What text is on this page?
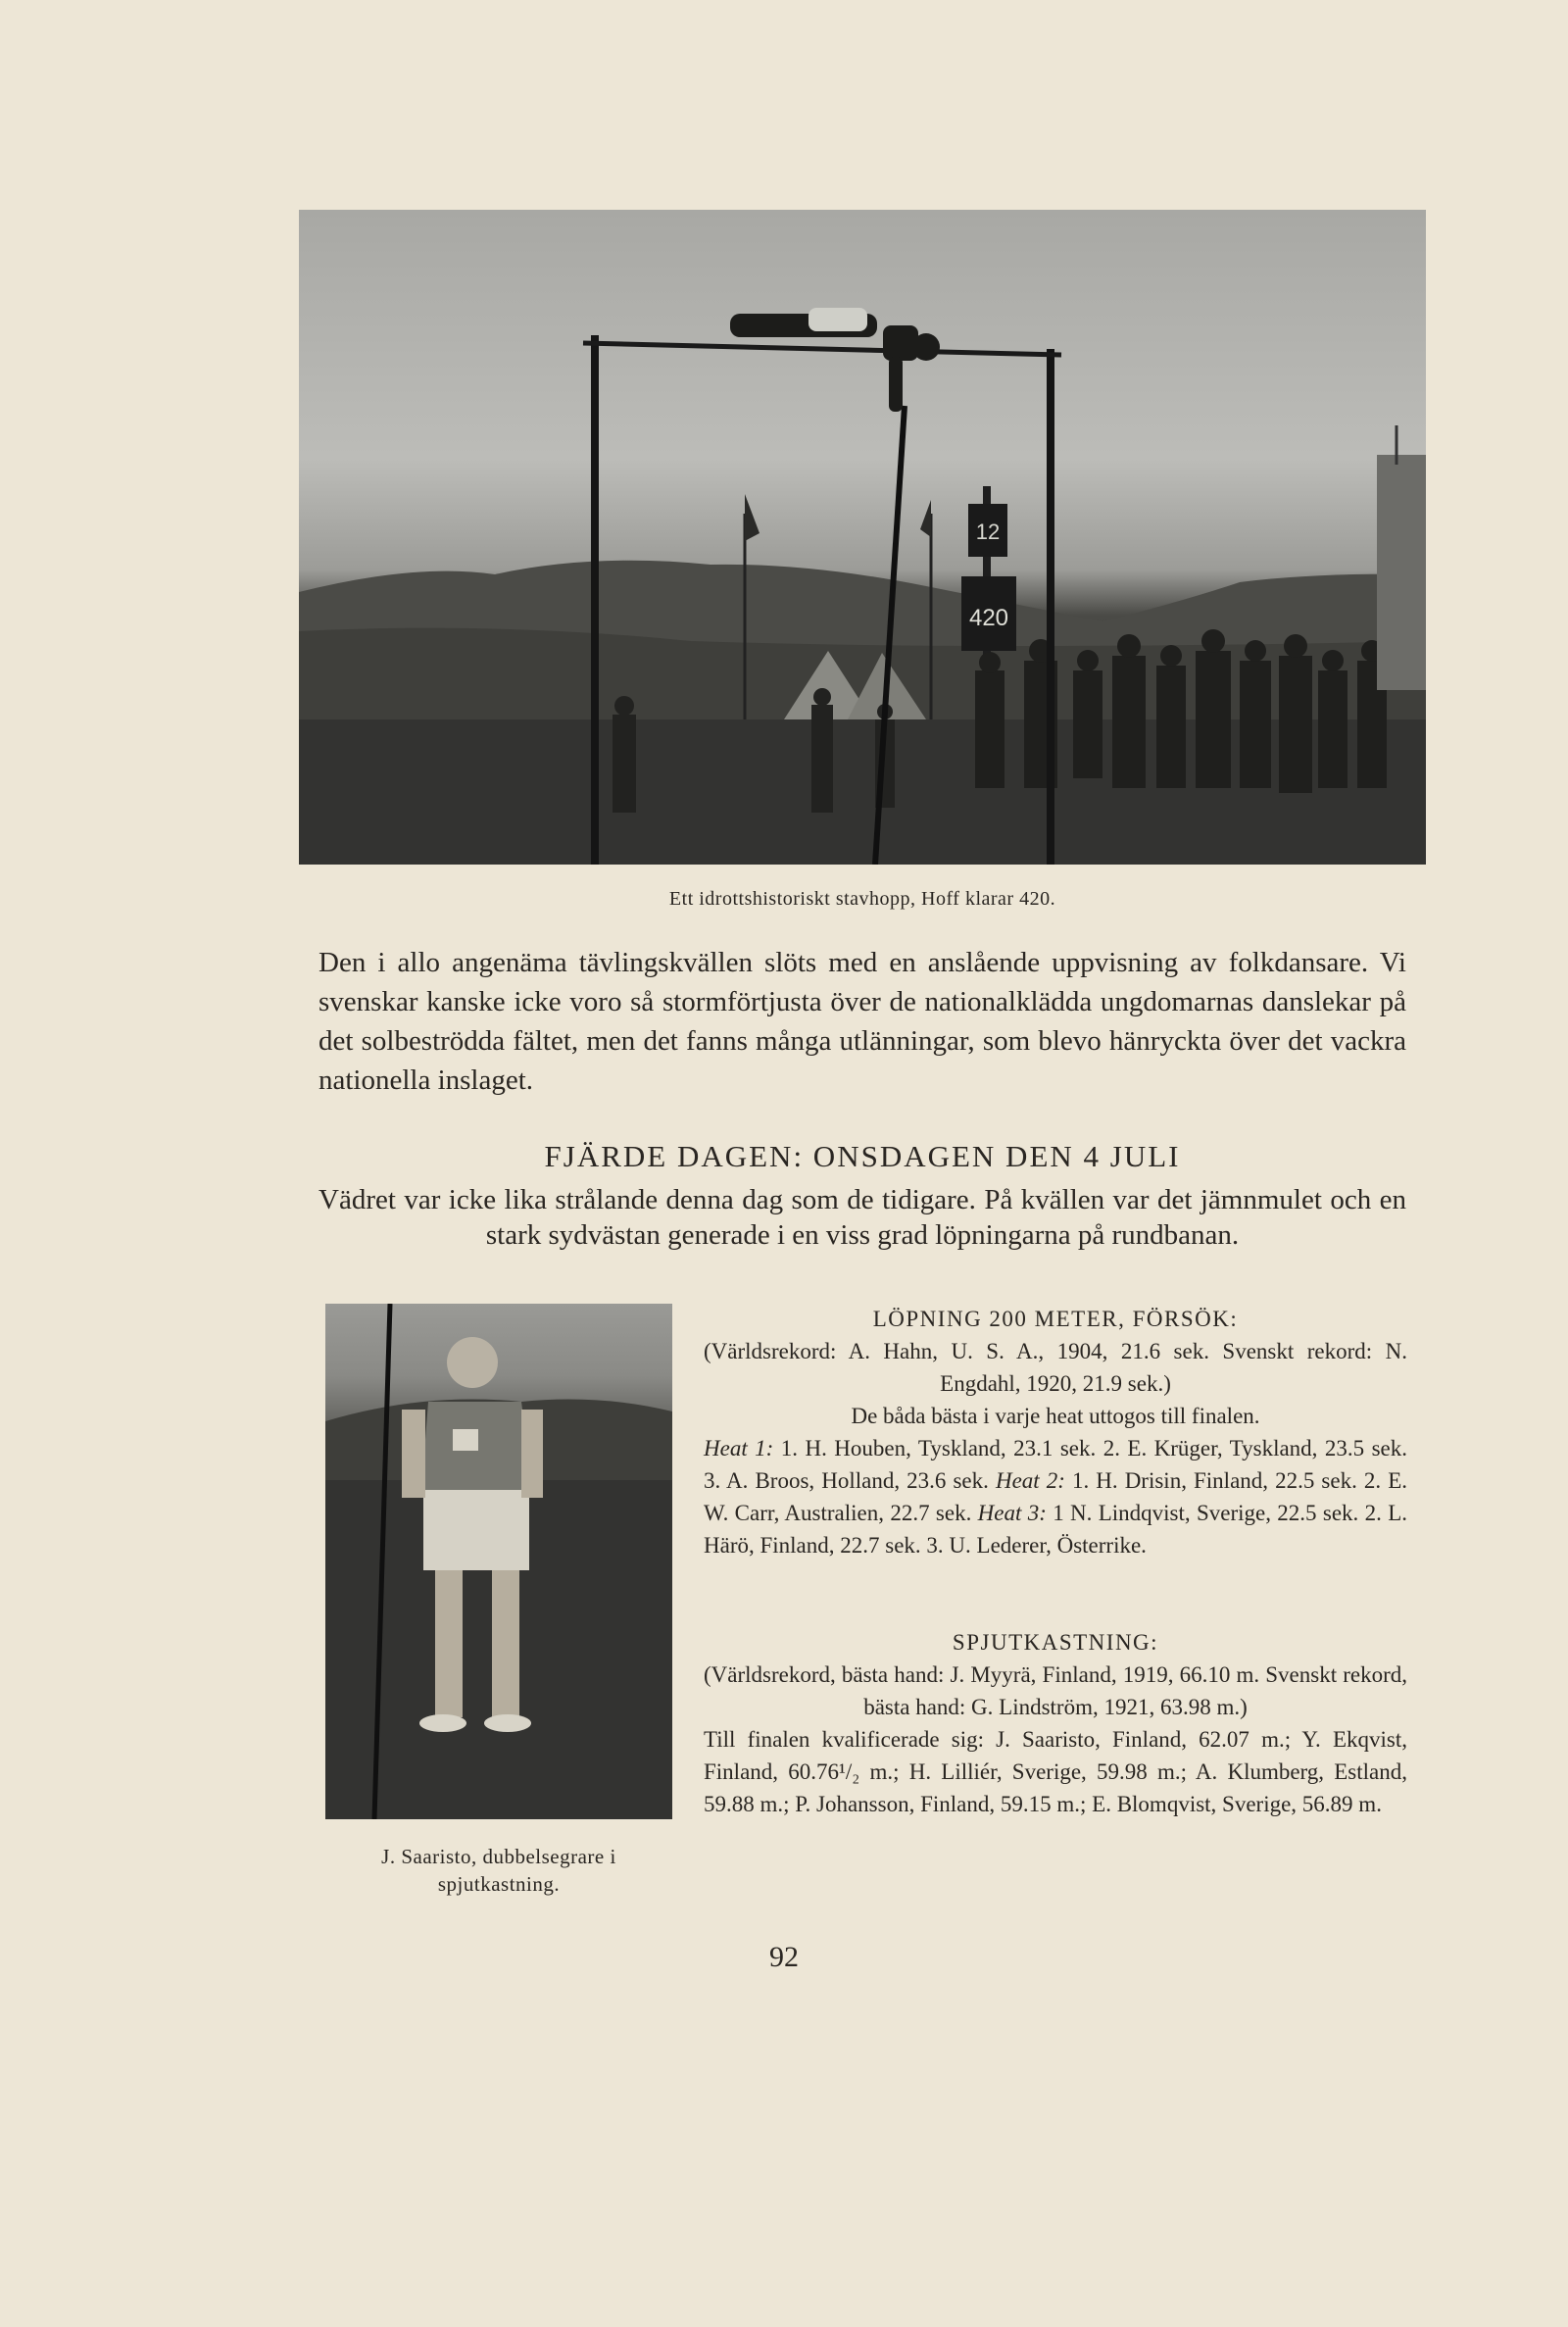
12
420
Ett idrottshistoriskt stavhopp, Hoff klarar 420.
Den i allo angenäma tävlingskvällen slöts med en anslående uppvisning av folkdansare. Vi svenskar kanske icke voro så stormförtjusta över de nationalklädda ungdomarnas danslekar på det solbeströdda fältet, men det fanns många utlänningar, som blevo hänryckta över det vackra nationella inslaget.
FJÄRDE DAGEN: ONSDAGEN DEN 4 JULI
Vädret var icke lika strålande denna dag som de tidigare. På kvällen var det jämnmulet och en stark sydvästan generade i en viss grad löpningarna på rundbanan.
J. Saaristo, dubbelsegrare i spjutkastning.
LÖPNING 200 METER, FÖRSÖK:
(Världsrekord: A. Hahn, U. S. A., 1904, 21.6 sek. Svenskt rekord: N. Engdahl, 1920, 21.9 sek.)
De båda bästa i varje heat uttogos till finalen.
Heat 1: 1. H. Houben, Tyskland, 23.1 sek. 2. E. Krüger, Tyskland, 23.5 sek. 3. A. Broos, Holland, 23.6 sek. Heat 2: 1. H. Drisin, Finland, 22.5 sek. 2. E. W. Carr, Australien, 22.7 sek. Heat 3: 1 N. Lindqvist, Sverige, 22.5 sek. 2. L. Härö, Finland, 22.7 sek. 3. U. Lederer, Österrike.
SPJUTKASTNING:
(Världsrekord, bästa hand: J. Myyrä, Finland, 1919, 66.10 m. Svenskt rekord, bästa hand: G. Lindström, 1921, 63.98 m.)
Till finalen kvalificerade sig: J. Saaristo, Finland, 62.07 m.; Y. Ekqvist, Finland, 60.76¹/₂ m.; H. Lilliér, Sverige, 59.98 m.; A. Klumberg, Estland, 59.88 m.; P. Johansson, Finland, 59.15 m.; E. Blomqvist, Sverige, 56.89 m.
92
